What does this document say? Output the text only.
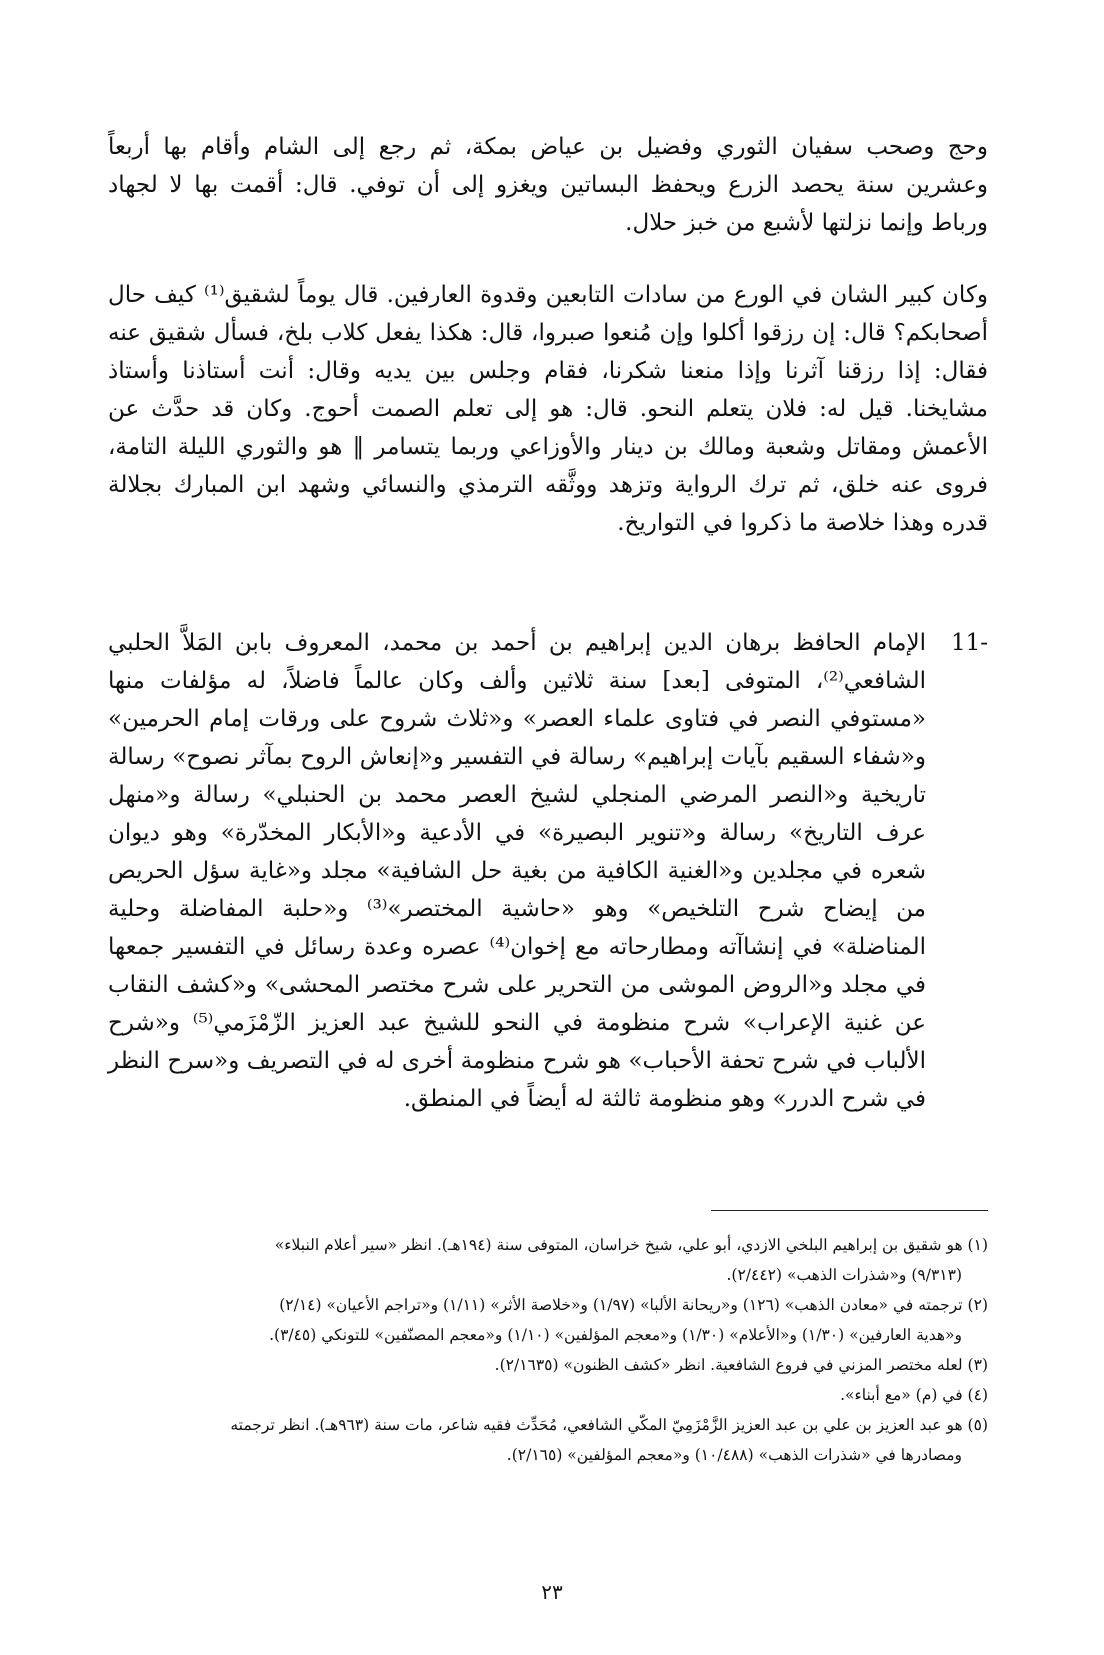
وحج وصحب سفيان الثوري وفضيل بن عياض بمكة، ثم رجع إلى الشام وأقام بها أربعاً وعشرين سنة يحصد الزرع ويحفظ البساتين ويغزو إلى أن توفي. قال: أقمت بها لا لجهاد ورباط وإنما نزلتها لأشبع من خبز حلال.

وكان كبير الشان في الورع من سادات التابعين وقدوة العارفين. قال يوماً لشقيق⁽¹⁾ كيف حال أصحابكم؟ قال: إن رزقوا أكلوا وإن مُنعوا صبروا، قال: هكذا يفعل كلاب بلخ، فسأل شقيق عنه فقال: إذا رزقنا آثرنا وإذا منعنا شكرنا، فقام وجلس بين يديه وقال: أنت أستاذنا وأستاذ مشايخنا. قيل له: فلان يتعلم النحو. قال: هو إلى تعلم الصمت أحوج. وكان قد حدَّث عن الأعمش ومقاتل وشعبة ومالك بن دينار والأوزاعي وربما يتسامر ‖ هو والثوري الليلة التامة، فروى عنه خلق، ثم ترك الرواية وتزهد ووثَّقه الترمذي والنسائي وشهد ابن المبارك بجلالة قدره وهذا خلاصة ما ذكروا في التواريخ.

11-

الإمام الحافظ برهان الدين إبراهيم بن أحمد بن محمد، المعروف بابن المَلاَّ الحلبي الشافعي⁽²⁾، المتوفى [بعد] سنة ثلاثين وألف وكان عالماً فاضلاً، له مؤلفات منها «مستوفي النصر في فتاوى علماء العصر» و«ثلاث شروح على ورقات إمام الحرمين» و«شفاء السقيم بآيات إبراهيم» رسالة في التفسير و«إنعاش الروح بمآثر نصوح» رسالة تاريخية و«النصر المرضي المنجلي لشيخ العصر محمد بن الحنبلي» رسالة و«منهل عرف التاريخ» رسالة و«تنوير البصيرة» في الأدعية و«الأبكار المخدّرة» وهو ديوان شعره في مجلدين و«الغنية الكافية من بغية حل الشافية» مجلد و«غاية سؤل الحريص من إيضاح شرح التلخيص» وهو «حاشية المختصر»⁽³⁾ و«حلبة المفاضلة وحلية المناضلة» في إنشاآته ومطارحاته مع إخوان⁽⁴⁾ عصره وعدة رسائل في التفسير جمعها في مجلد و«الروض الموشى من التحرير على شرح مختصر المحشى» و«كشف النقاب عن غنية الإعراب» شرح منظومة في النحو للشيخ عبد العزيز الزّمْزَمي⁽⁵⁾ و«شرح الألباب في شرح تحفة الأحباب» هو شرح منظومة أخرى له في التصريف و«سرح النظر في شرح الدرر» وهو منظومة ثالثة له أيضاً في المنطق.

(١) هو شقيق بن إبراهيم البلخي الازدي، أبو علي، شيخ خراسان، المتوفى سنة (١٩٤هـ). انظر «سير أعلام النبلاء»
(٩/٣١٣) و«شذرات الذهب» (٢/٤٤٢).

(٢) ترجمته في «معادن الذهب» (١٢٦) و«ريحانة الألبا» (١/٩٧) و«خلاصة الأثر» (١/١١) و«تراجم الأعيان» (٢/١٤)
و«هدية العارفين» (١/٣٠) و«الأعلام» (١/٣٠) و«معجم المؤلفين» (١/١٠) و«معجم المصنّفين» للتونكي (٣/٤٥).

(٣) لعله مختصر المزني في فروع الشافعية. انظر «كشف الظنون» (٢/١٦٣٥).

(٤) في (م) «مع أبناء».

(٥) هو عبد العزيز بن علي بن عبد العزيز الزَّمْزَمِيّ المكّي الشافعي، مُحَدِّث فقيه شاعر، مات سنة (٩٦٣هـ). انظر ترجمته
ومصادرها في «شذرات الذهب» (١٠/٤٨٨) و«معجم المؤلفين» (٢/١٦٥).

٢٣
